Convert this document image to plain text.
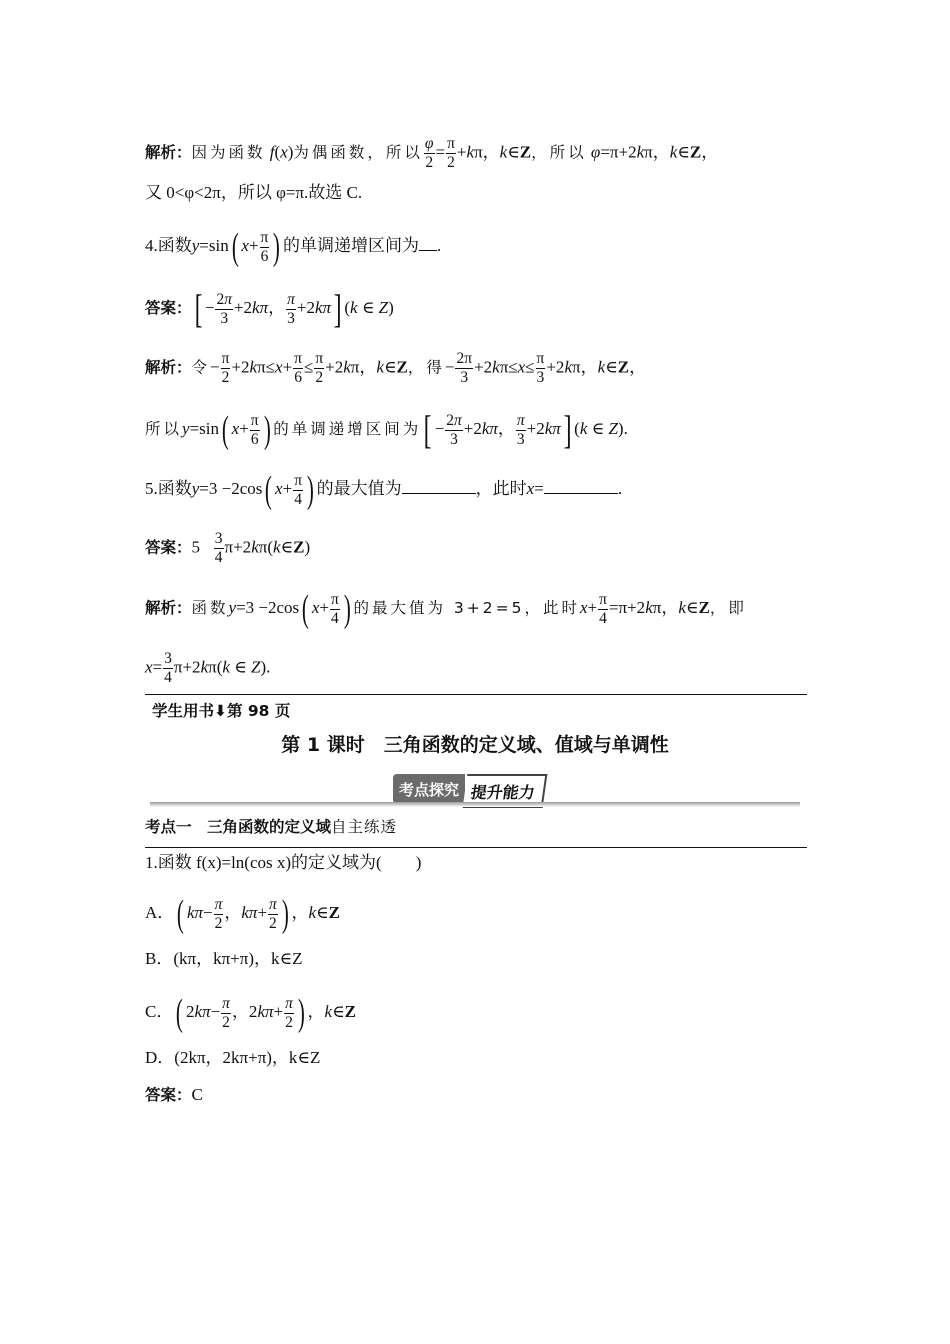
解析：因为函数 f(x)为偶函数，所以 $\frac{\varphi}{2} = \frac{\pi}{2} +k\pi$，k∈Z，所以 φ=π+2kπ，k∈Z，
又 0<φ<2π，所以 φ=π.故选 C.
4.函数y=sin( $x+ \frac{\pi}{6}$ ) 的单调递增区间为 .
答案：[ − $\frac{2\pi}{3} +2k\pi$， $\frac{\pi}{3} +2k\pi$] (k ∈ Z)
解析：令− $\frac{\pi}{2} +2k\pi\le x+ \frac{\pi}{6} \le \frac{\pi}{2} +2k\pi$，k∈Z，得− $\frac{2\pi}{3} +2k\pi\le x\le \frac{\pi}{3} +2k\pi$，k∈Z，
所以y=sin( $x+ \frac{\pi}{6}$ ) 的单调递增区间为[ − $\frac{2\pi}{3} +2k\pi$， $\frac{\pi}{3} +2k\pi$] (k ∈ Z).
5.函数y=3 −2cos( $x+ \frac{\pi}{4}$ ) 的最大值为	，此时x=	.
答案：$5 \frac{3}{4}$ π+2kπ(k∈Z)
解析：函数y=3 −2cos( $x+ \frac{\pi}{4}$ ) 的最大值为 3+2=5，此时$x+ \frac{\pi}{4} =\pi+2k\pi$，k∈Z，即
$x= \frac{3}{4} \pi+2k\pi(k$ ∈ Z).
学生用书⬇第 98 页
第 1 课时　三角函数的定义域、值域与单调性
考点探究 提升能力
考点一　三角函数的定义域自主练透
1.函数 f(x)=ln(cos x)的定义域为(　　)
A．( $k\pi- \frac{\pi}{2}$ ，$k\pi+ \frac{\pi}{2}$ ) ，k∈Z
B．(kπ，kπ+π)，k∈Z
C．( $2k\pi- \frac{\pi}{2}$ ，$2k\pi+ \frac{\pi}{2}$ ) ，k∈Z
D．(2kπ，2kπ+π)，k∈Z
答案：C
